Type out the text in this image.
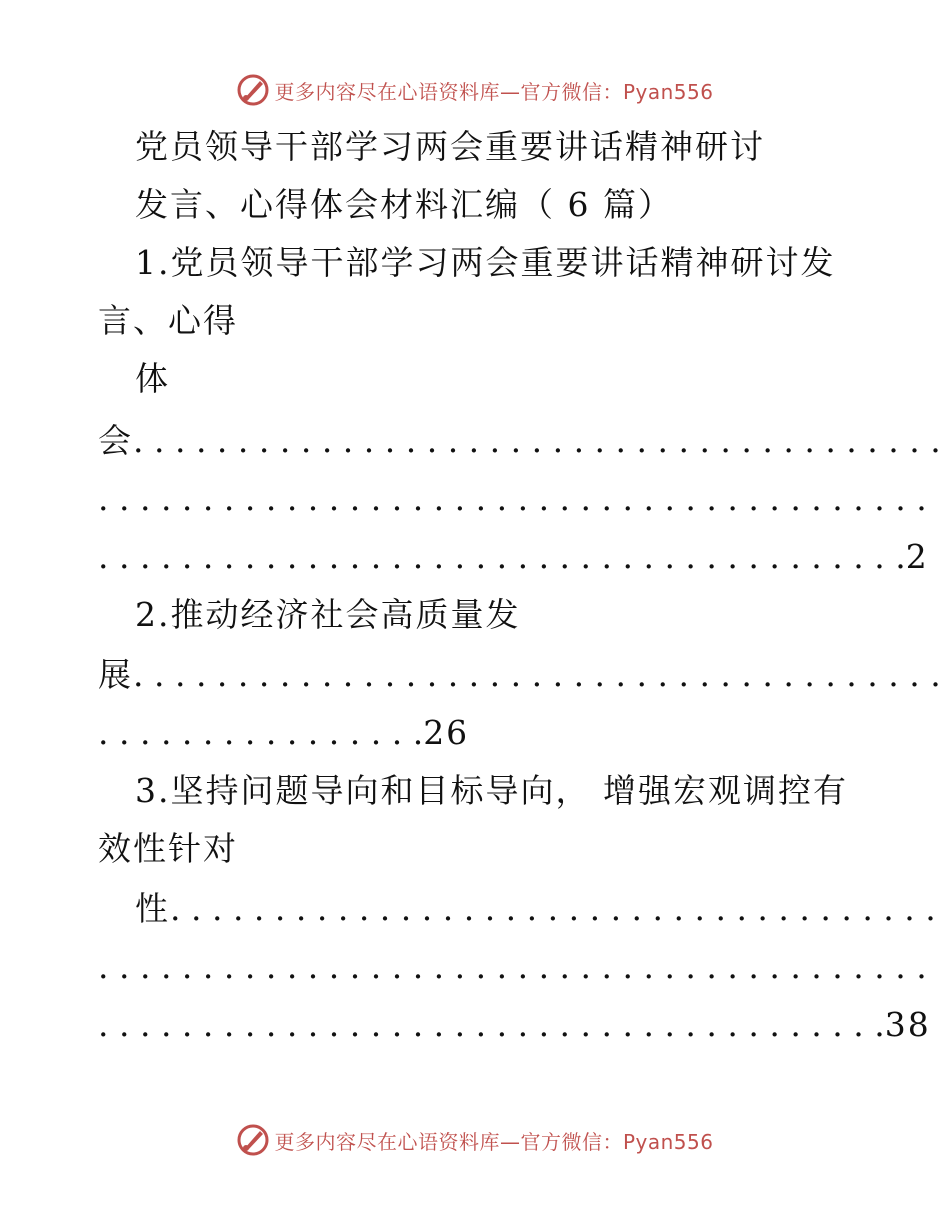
更多内容尽在心语资料库—官方微信：Pyan556
党员领导干部学习两会重要讲话精神研讨
发言、心得体会材料汇编（ 6 篇）
1.党员领导干部学习两会重要讲话精神研讨发
言、心得
体
会. . . . . . . . . . . . . . . . . . . . . . . . . . . . . . . . . . . . . . .
. . . . . . . . . . . . . . . . . . . . . . . . . . . . . . . . . . . . . . . .
. . . . . . . . . . . . . . . . . . . . . . . . . . . . . . . . . . . . . . .2
2.推动经济社会高质量发
展. . . . . . . . . . . . . . . . . . . . . . . . . . . . . . . . . . . . . . .
. . . . . . . . . . . . . . . .26
3.坚持问题导向和目标导向， 增强宏观调控有
效性针对
性. . . . . . . . . . . . . . . . . . . . . . . . . . . . . . . . . . . . .
. . . . . . . . . . . . . . . . . . . . . . . . . . . . . . . . . . . . . . . .
. . . . . . . . . . . . . . . . . . . . . . . . . . . . . . . . . . . . . .38
更多内容尽在心语资料库—官方微信：Pyan556
